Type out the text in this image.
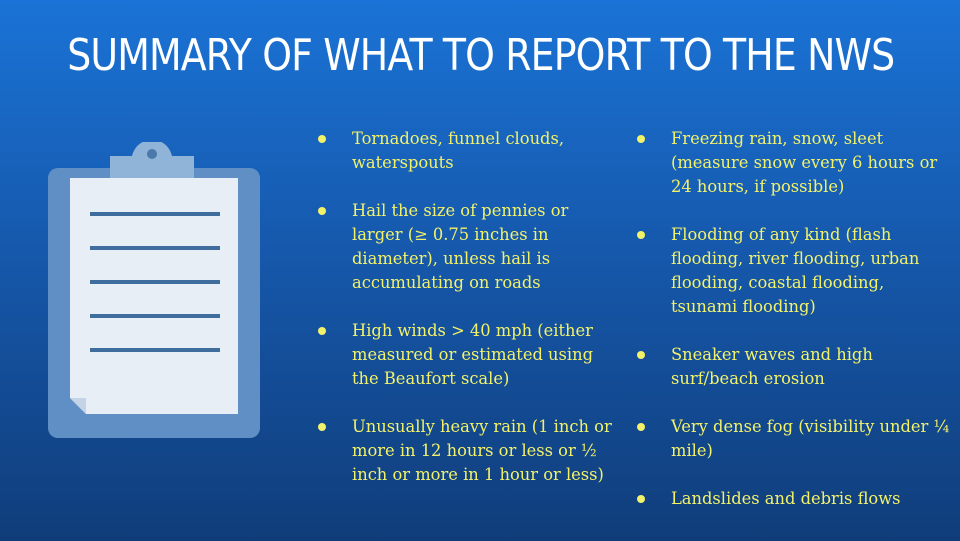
SUMMARY OF WHAT TO REPORT TO THE NWS
Tornadoes, funnel clouds, waterspouts
Hail the size of pennies or larger (≥ 0.75 inches in diameter), unless hail is accumulating on roads
High winds > 40 mph (either measured or estimated using the Beaufort scale)
Unusually heavy rain (1 inch or more in 12 hours or less or ½ inch or more in 1 hour or less)
Freezing rain, snow, sleet (measure snow every 6 hours or 24 hours, if possible)
Flooding of any kind (flash flooding, river flooding, urban flooding, coastal flooding, tsunami flooding)
Sneaker waves and high surf/beach erosion
Very dense fog (visibility under ¼ mile)
Landslides and debris flows
